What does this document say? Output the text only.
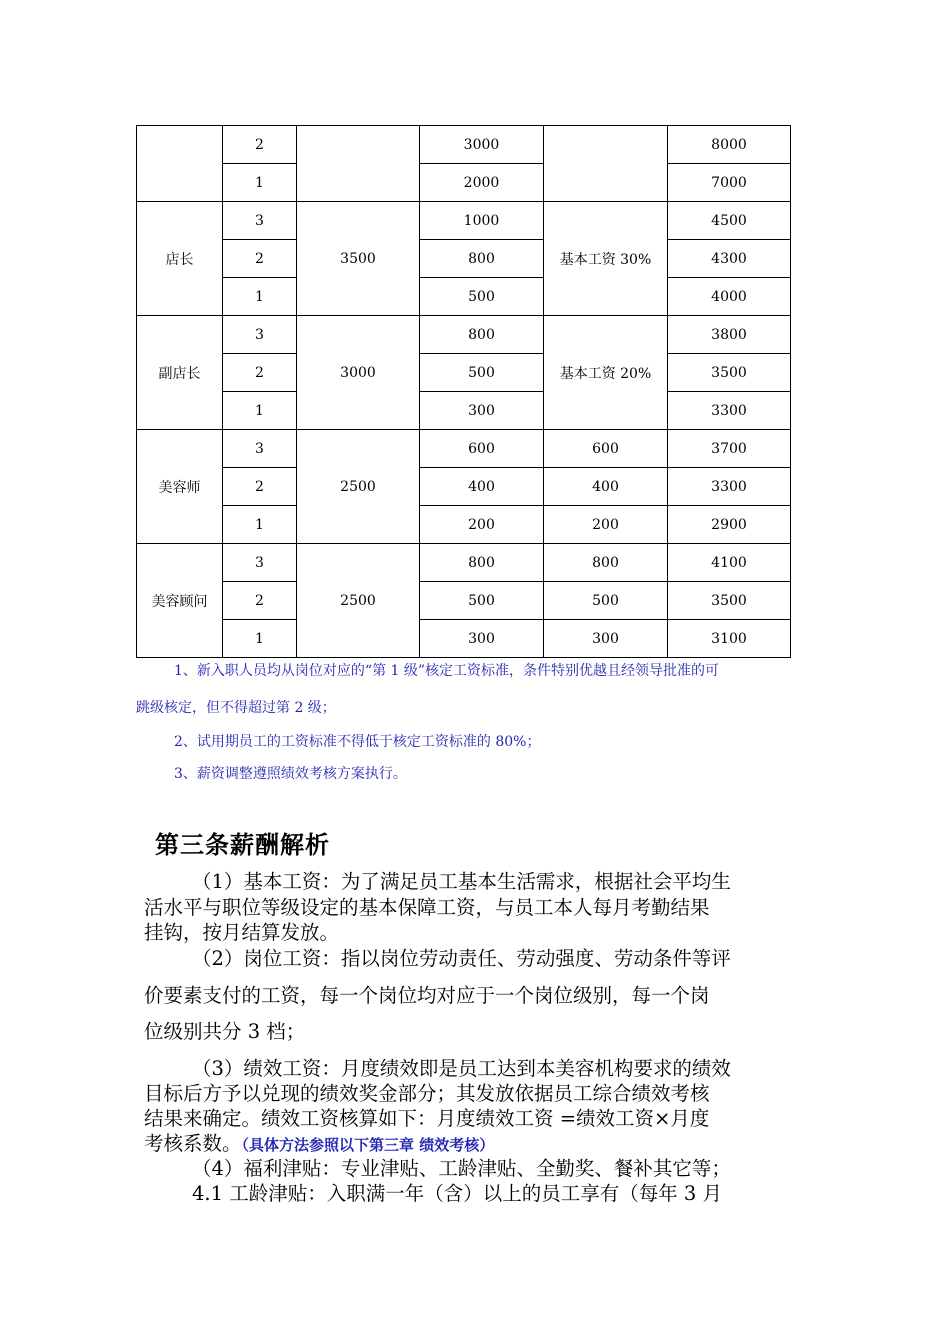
	2		3000		8000
	1		2000		7000
店长	3	3500	1000	基本工资 30%	4500
	2		800		4300
	1		500		4000
副店长	3	3000	800	基本工资 20%	3800
	2		500		3500
	1		300		3300
美容师	3	2500	600	600	3700
	2		400	400	3300
	1		200	200	2900
美容顾问	3	2500	800	800	4100
	2		500	500	3500
	1		300	300	3100
1、新入职人员均从岗位对应的“第 1 级”核定工资标准，条件特别优越且经领导批准的可
跳级核定，但不得超过第 2 级；
2、试用期员工的工资标准不得低于核定工资标准的 80%；
3、薪资调整遵照绩效考核方案执行。
第三条薪酬解析
（1）基本工资：为了满足员工基本生活需求，根据社会平均生
活水平与职位等级设定的基本保障工资，与员工本人每月考勤结果
挂钩，按月结算发放。
（2）岗位工资：指以岗位劳动责任、劳动强度、劳动条件等评
价要素支付的工资，每一个岗位均对应于一个岗位级别，每一个岗
位级别共分 3 档；
（3）绩效工资：月度绩效即是员工达到本美容机构要求的绩效
目标后方予以兑现的绩效奖金部分；其发放依据员工综合绩效考核
结果来确定。绩效工资核算如下：月度绩效工资 =绩效工资×月度
考核系数。（具体方法参照以下第三章 绩效考核）
（4）福利津贴：专业津贴、工龄津贴、全勤奖、餐补其它等；
4.1 工龄津贴：入职满一年（含）以上的员工享有（每年 3 月
